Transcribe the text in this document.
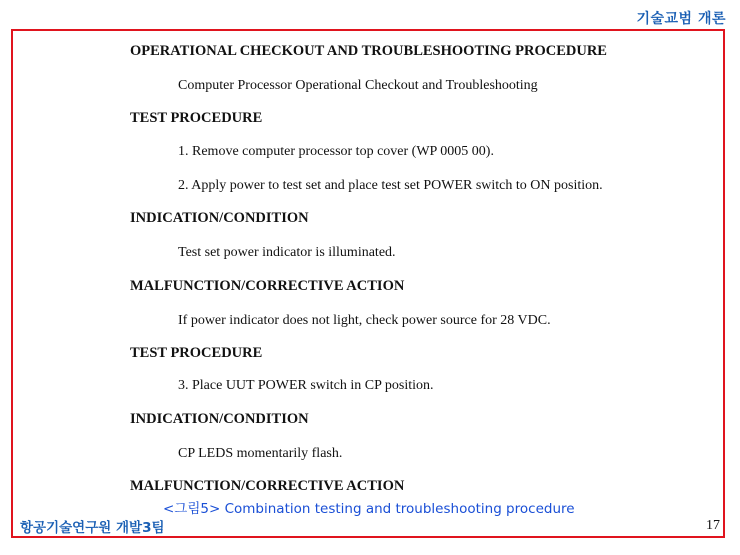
기술교범 개론
OPERATIONAL CHECKOUT AND TROUBLESHOOTING PROCEDURE
Computer Processor Operational Checkout and Troubleshooting
TEST PROCEDURE
1. Remove computer processor top cover (WP 0005 00).
2. Apply power to test set and place test set POWER switch to ON position.
INDICATION/CONDITION
Test set power indicator is illuminated.
MALFUNCTION/CORRECTIVE ACTION
If power indicator does not light, check power source for 28 VDC.
TEST PROCEDURE
3. Place UUT POWER switch in CP position.
INDICATION/CONDITION
CP LEDS momentarily flash.
MALFUNCTION/CORRECTIVE ACTION
<그림5> Combination testing and troubleshooting procedure
항공기술연구원 개발3팀	17
